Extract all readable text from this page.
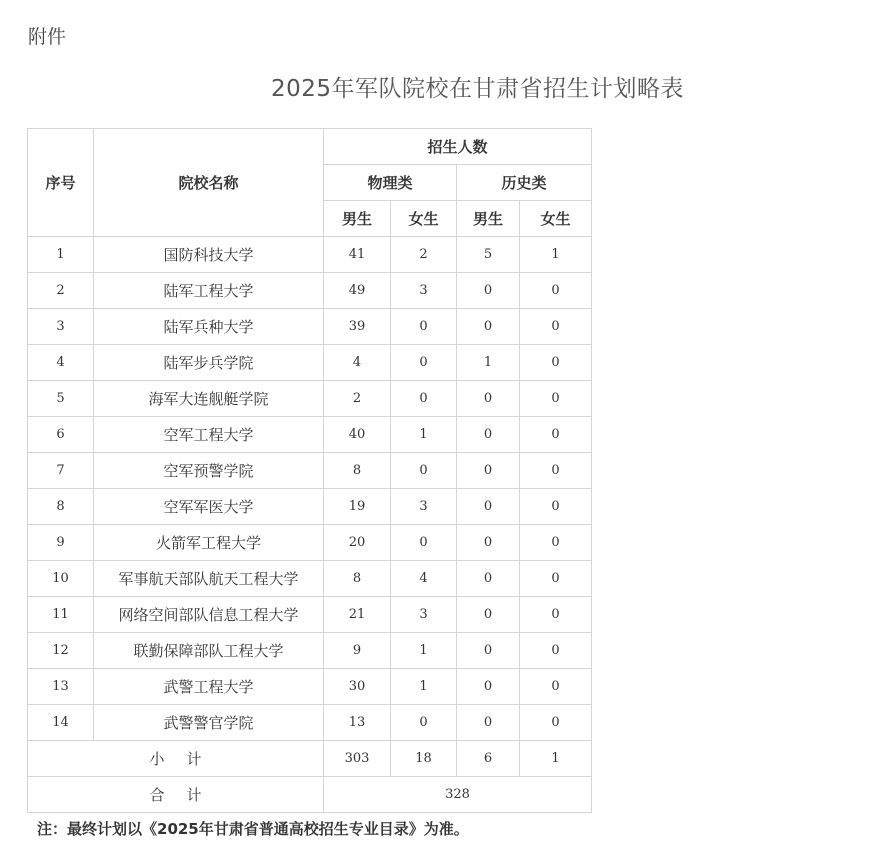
附件
2025年军队院校在甘肃省招生计划略表
序号	院校名称	招生人数			
		物理类		历史类	
		男生	女生	男生	女生
1	国防科技大学	41	2	5	1
2	陆军工程大学	49	3	0	0
3	陆军兵种大学	39	0	0	0
4	陆军步兵学院	4	0	1	0
5	海军大连舰艇学院	2	0	0	0
6	空军工程大学	40	1	0	0
7	空军预警学院	8	0	0	0
8	空军军医大学	19	3	0	0
9	火箭军工程大学	20	0	0	0
10	军事航天部队航天工程大学	8	4	0	0
11	网络空间部队信息工程大学	21	3	0	0
12	联勤保障部队工程大学	9	1	0	0
13	武警工程大学	30	1	0	0
14	武警警官学院	13	0	0	0
小计		303	18	6	1
合计		328			
注：最终计划以《2025年甘肃省普通高校招生专业目录》为准。
